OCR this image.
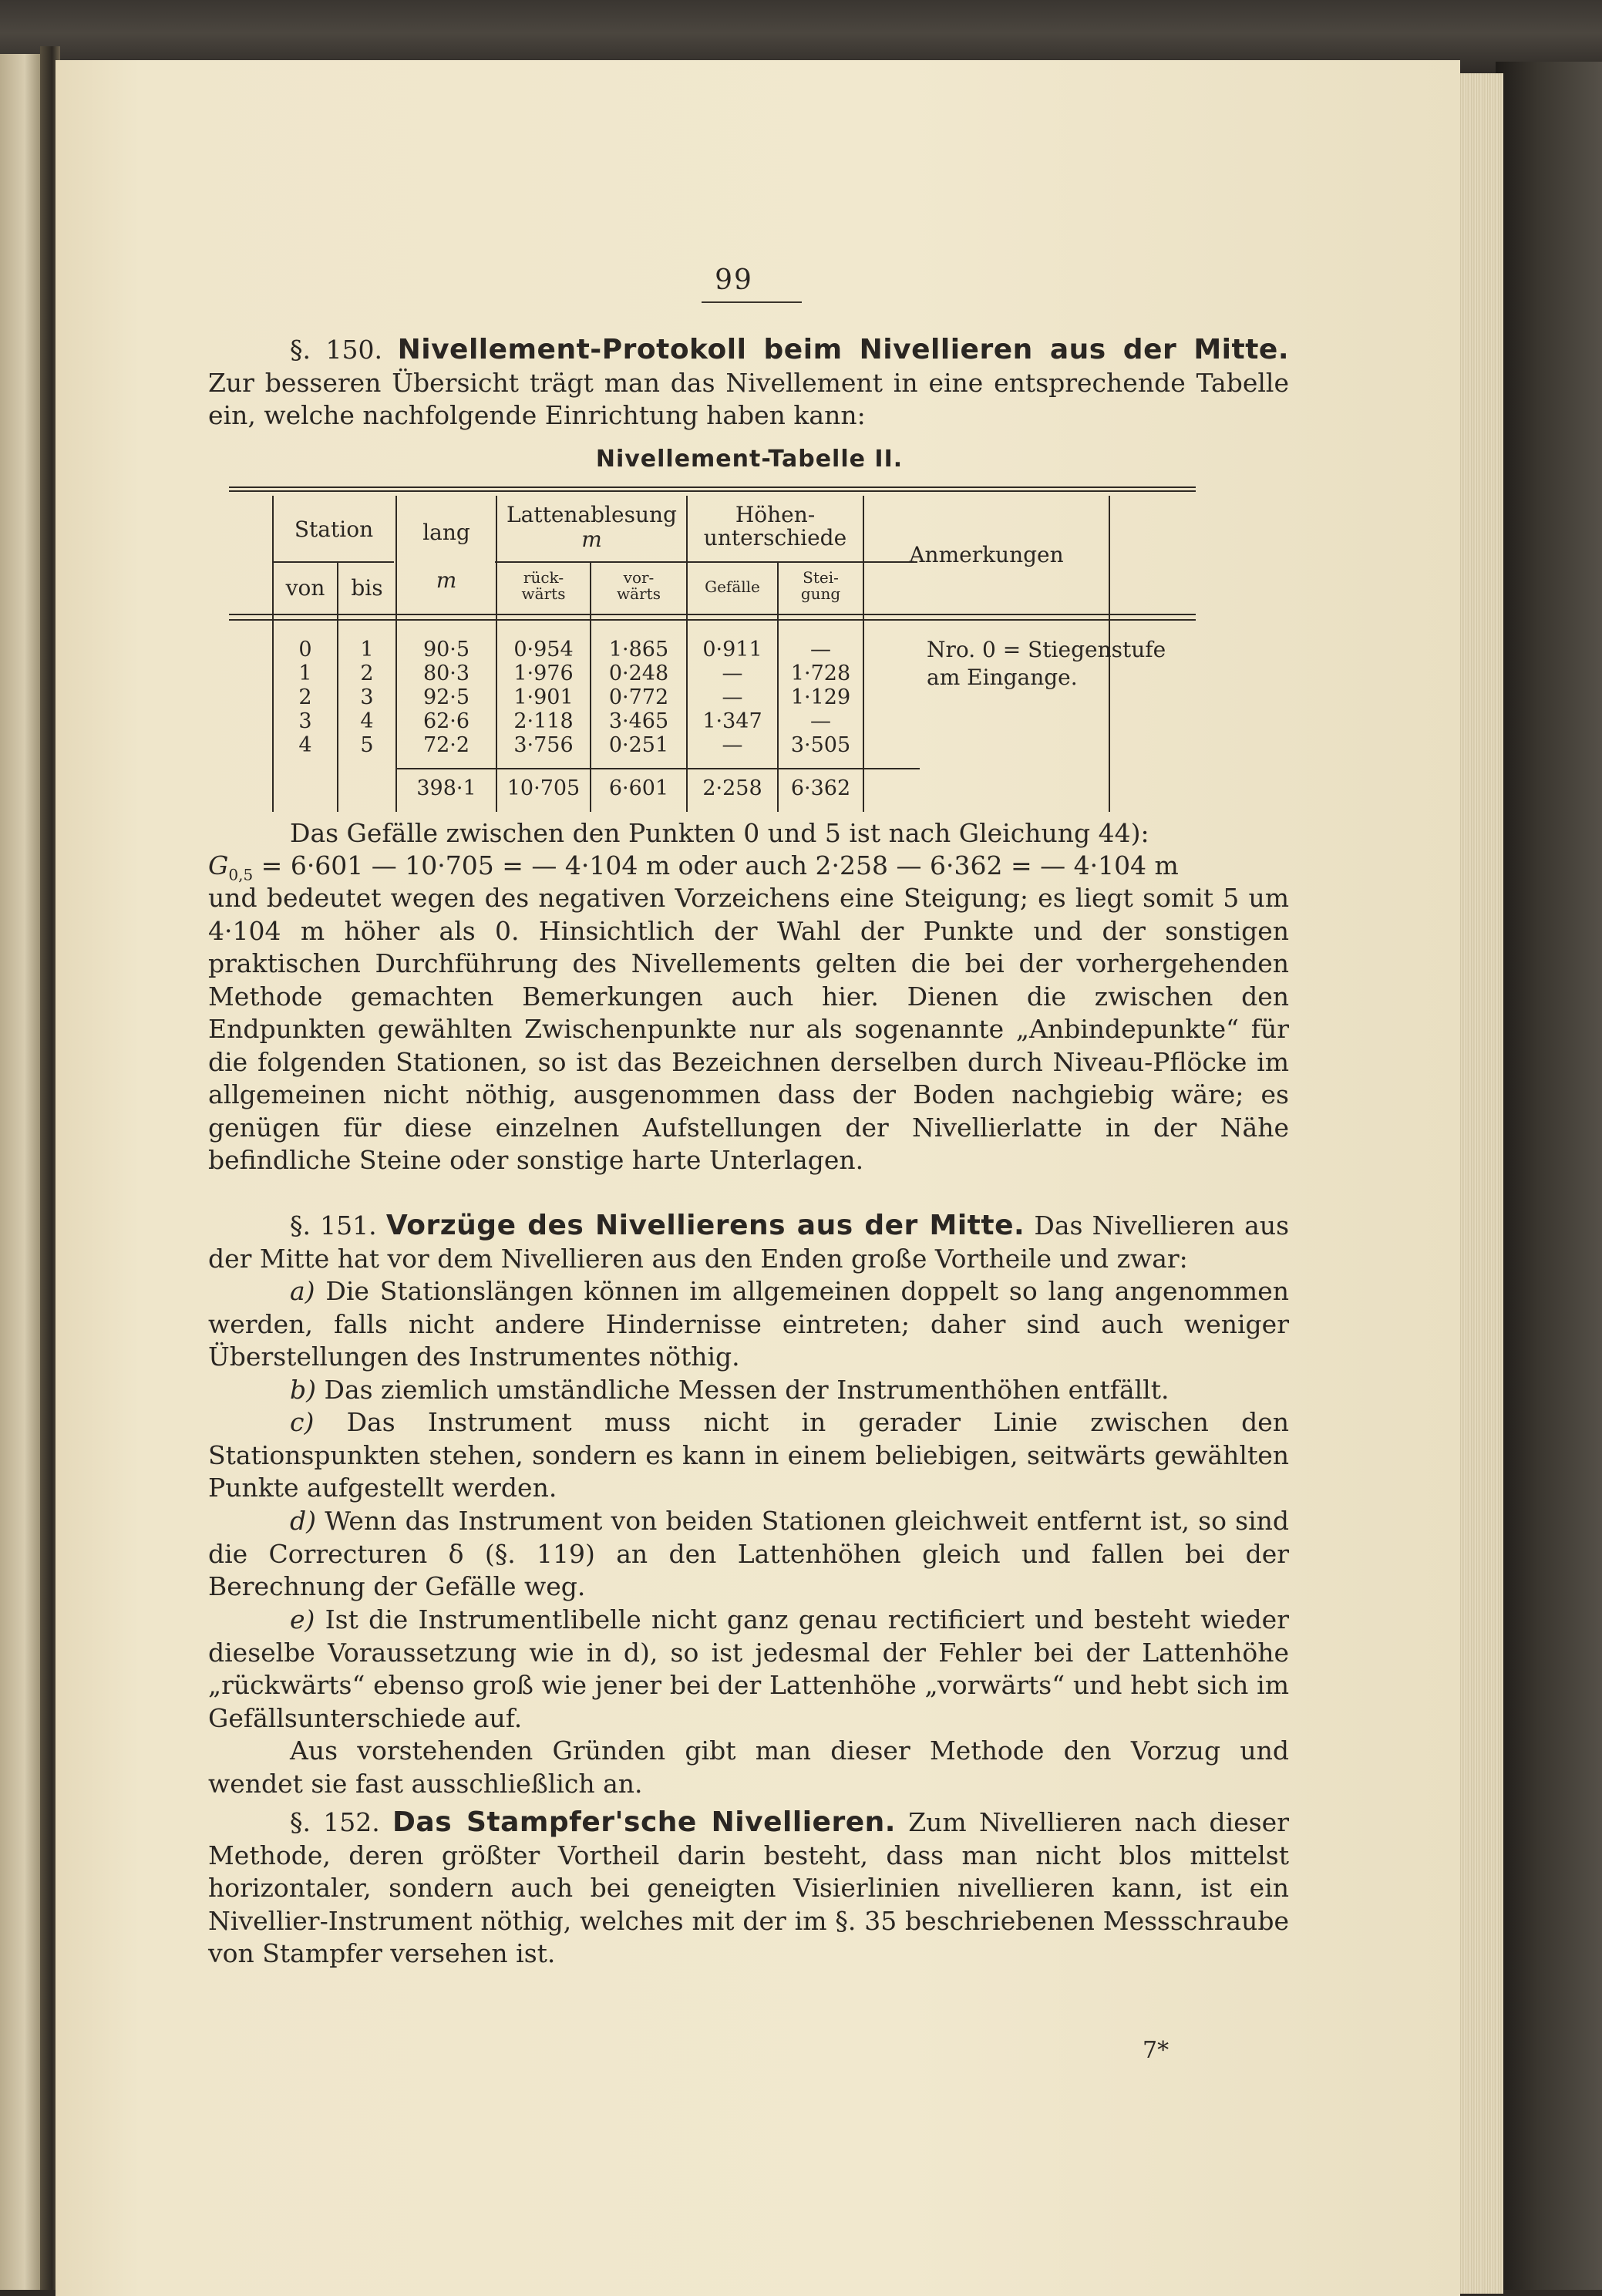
99

§. 150. Nivellement-Protokoll beim Nivellieren aus der Mitte. Zur besseren Übersicht trägt man das Nivellement in eine entsprechende Tabelle ein, welche nachfolgende Einrichtung haben kann:

Nivellement-Tabelle II.
Station
von	bis
lang
m
Lattenablesung
m
rück-
wärts
vor-
wärts
Höhen-
unterschiede
Gefälle	Stei-
gung
Anmerkungen
0	1	90·5	0·954	1·865	0·911	—
1	2	80·3	1·976	0·248	—	1·728
2	3	92·5	1·901	0·772	—	1·129
3	4	62·6	2·118	3·465	1·347	—
4	5	72·2	3·756	0·251	—	3·505
398·1	10·705	6·601	2·258	6·362
Nro. 0 = Stiegenstufe am Eingange.

Das Gefälle zwischen den Punkten 0 und 5 ist nach Gleichung 44):

$G_{0,5} = 6\cdot 601$ — 10·705 = — 4·104 m oder auch 2·258 — 6·362 = — 4·104 m

und bedeutet wegen des negativen Vorzeichens eine Steigung; es liegt somit 5 um 4·104 m höher als 0. Hinsichtlich der Wahl der Punkte und der sonstigen praktischen Durchführung des Nivellements gelten die bei der vorhergehenden Methode gemachten Bemerkungen auch hier. Dienen die zwischen den Endpunkten gewählten Zwischenpunkte nur als sogenannte „Anbindepunkte“ für die folgenden Stationen, so ist das Bezeichnen derselben durch Niveau-Pflöcke im allgemeinen nicht nöthig, ausgenommen dass der Boden nachgiebig wäre; es genügen für diese einzelnen Aufstellungen der Nivellierlatte in der Nähe befindliche Steine oder sonstige harte Unterlagen.

§. 151. Vorzüge des Nivellierens aus der Mitte. Das Nivellieren aus der Mitte hat vor dem Nivellieren aus den Enden große Vortheile und zwar:

a) Die Stationslängen können im allgemeinen doppelt so lang angenommen werden, falls nicht andere Hindernisse eintreten; daher sind auch weniger Überstellungen des Instrumentes nöthig.

b) Das ziemlich umständliche Messen der Instrumenthöhen entfällt.

c) Das Instrument muss nicht in gerader Linie zwischen den Stationspunkten stehen, sondern es kann in einem beliebigen, seitwärts gewählten Punkte aufgestellt werden.

d) Wenn das Instrument von beiden Stationen gleichweit entfernt ist, so sind die Correcturen δ (§. 119) an den Lattenhöhen gleich und fallen bei der Berechnung der Gefälle weg.

e) Ist die Instrumentlibelle nicht ganz genau rectificiert und besteht wieder dieselbe Voraussetzung wie in d), so ist jedesmal der Fehler bei der Lattenhöhe „rückwärts“ ebenso groß wie jener bei der Lattenhöhe „vorwärts“ und hebt sich im Gefällsunterschiede auf.

Aus vorstehenden Gründen gibt man dieser Methode den Vorzug und wendet sie fast ausschließlich an.

§. 152. Das Stampfer'sche Nivellieren. Zum Nivellieren nach dieser Methode, deren größter Vortheil darin besteht, dass man nicht blos mittelst horizontaler, sondern auch bei geneigten Visierlinien nivellieren kann, ist ein Nivellier-Instrument nöthig, welches mit der im §. 35 beschriebenen Messschraube von Stampfer versehen ist.

7*
